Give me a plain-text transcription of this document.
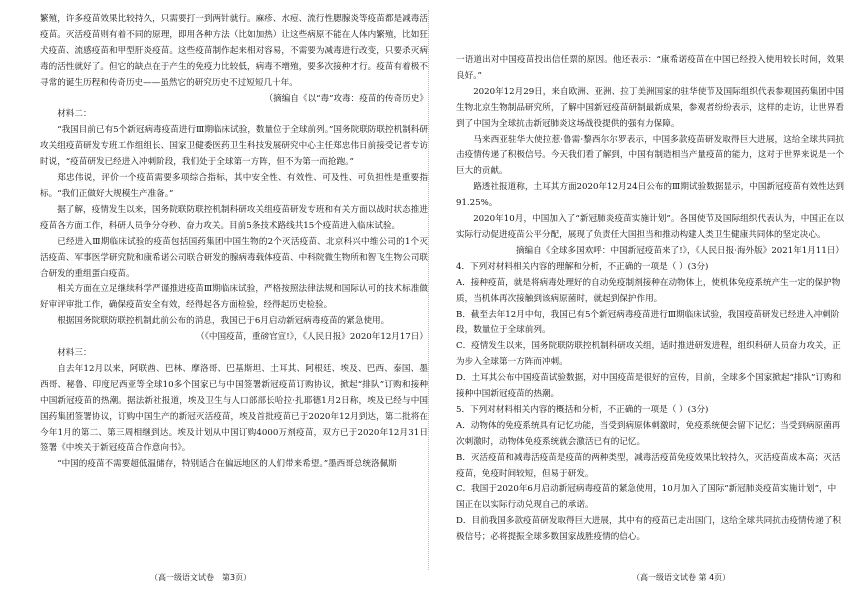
繁殖，许多疫苗效果比较持久，只需要打一到两针就行。麻疹、水痘、流行性腮腺炎等疫苗都是减毒活疫苗。灭活疫苗则有着不同的原理，即用各种方法（比如加热）让这些病原不能在人体内繁殖，比如狂犬疫苗、流感疫苗和甲型肝炎疫苗。这些疫苗制作起来相对容易，不需要为减毒进行改变，只要杀灭病毒的活性就好了。但它的缺点在于产生的免疫力比较低，病毒不增殖，要多次接种才行。疫苗有着极不寻常的诞生历程和传奇历史——虽然它的研究历史不过短短几十年。

（摘编自《以“毒”攻毒：疫苗的传奇历史》

材料二：

“我国目前已有5个新冠病毒疫苗进行Ⅲ期临床试验，数量位于全球前列。”国务院联防联控机制科研攻关组疫苗研发专班工作组组长、国家卫健委医药卫生科技发展研究中心主任郑忠伟日前接受记者专访时说，“疫苗研发已经进入冲刺阶段，我们处于全球第一方阵，但不为第一而抢跑。”

郑忠伟说，评价一个疫苗需要多项综合指标，其中安全性、有效性、可及性、可负担性是重要指标。“我们正做好大规模生产准备。”

据了解，疫情发生以来，国务院联防联控机制科研攻关组疫苗研发专班和有关方面以战时状态推进疫苗各方面工作，科研人员争分夺秒、奋力攻关。目前5条技术路线共15个疫苗进入临床试验。

已经进入Ⅲ期临床试验的疫苗包括国药集团中国生物的2个灭活疫苗、北京科兴中维公司的1个灭活疫苗、军事医学研究院和康希诺公司联合研发的腺病毒载体疫苗、中科院微生物所和智飞生物公司联合研发的重组蛋白疫苗。

相关方面在立足继续科学严谨推进疫苗Ⅲ期临床试验，严格按照法律法规和国际认可的技术标准做好审评审批工作，确保疫苗安全有效，经得起各方面检验，经得起历史检验。

根据国务院联防联控机制此前公布的消息，我国已于6月启动新冠病毒疫苗的紧急使用。

（《中国疫苗，重磅官宣!》，《人民日报》2020年12月17日）

材料三：

自去年12月以来，阿联酋、巴林、摩洛哥、巴基斯坦、土耳其、阿根廷、埃及、巴西、泰国、墨西哥、秘鲁、印度尼西亚等全球10多个国家已与中国签署新冠疫苗订购协议，掀起“排队”订购和接种中国新冠疫苗的热潮。据法新社报道，埃及卫生与人口部部长哈拉·扎耶德1月2日称，埃及已经与中国国药集团签署协议，订购中国生产的新冠灭活疫苗，埃及首批疫苗已于2020年12月到达，第二批将在今年1月的第二、第三周相继到达。埃及计划从中国订购4000万剂疫苗，双方已于2020年12月31日签署《中埃关于新冠疫苗合作意向书》。

“中国的疫苗不需要超低温储存，特别适合在偏远地区的人们带来希望。”墨西哥总统洛佩斯

一语道出对中国疫苗投出信任票的原因。他还表示：“康希诺疫苗在中国已经投入使用较长时间，效果良好。”

2020年12月29日，来自欧洲、亚洲、拉丁美洲国家的驻华使节及国际组织代表参观国药集团中国生物北京生物制品研究所，了解中国新冠疫苗研制最新成果，参观者纷纷表示，这样的走访，让世界看到了中国为全球抗击新冠肺炎这场战役提供的强有力保障。

马来西亚驻华大使拉惹·鲁需·黎西尔尔罗表示，中国多款疫苗研发取得巨大进展，这给全球共同抗击疫情传递了积极信号。今天我们看了解到，中国有制造相当产量疫苗的能力，这对于世界来说是一个巨大的贡献。

路透社报道称，土耳其方面2020年12月24日公布的Ⅲ期试验数据显示，中国新冠疫苗有效性达到91.25%。

2020年10月，中国加入了“新冠肺炎疫苗实施计划”。各国使节及国际组织代表认为，中国正在以实际行动促进疫苗公平分配，展现了负责任大国担当和推动构建人类卫生健康共同体的坚定决心。

摘编自《全球多国欢呼：中国新冠疫苗来了!》，《人民日报·海外版》2021年1月11日）

4．下列对材料相关内容的理解和分析，不正确的一项是（ ）(3分)

A．接种疫苗，就是将病毒处理好的自动免疫制剂接种在动物体上，使机体免疫系统产生一定的保护物质，当机体再次接触到该病原菌时，就起到保护作用。

B．截至去年12月中旬，我国已有5个新冠病毒疫苗进行Ⅲ期临床试验，我国疫苗研发已经进入冲刺阶段，数量位于全球前列。

C．疫情发生以来，国务院联防联控机制科研攻关组，适时推进研发进程，组织科研人员奋力攻关，正为步入全球第一方阵而冲刺。

D．土耳其公布中国疫苗试验数据，对中国疫苗是很好的宣传，目前，全球多个国家掀起“排队”订购和接种中国新冠疫苗的热潮。

5．下列对材料相关内容的概括和分析，不正确的一项是（ ）(3分)

A．动物体的免疫系统具有记忆功能，当受到病原体刺激时，免疫系统便会留下记忆；当受到病原菌再次刺激时，动物体免疫系统就会激活已有的记忆。

B．灭活疫苗和减毒活疫苗是疫苗的两种类型，减毒活疫苗免疫效果比较持久，灭活疫苗成本高；灭活疫苗，免疫时间较短，但易于研发。

C．我国于2020年6月启动新冠病毒疫苗的紧急使用，10月加入了国际“新冠肺炎疫苗实施计划”，中国正在以实际行动兑现自己的承诺。

D．目前我国多款疫苗研发取得巨大进展，其中有的疫苗已走出国门，这给全球共同抗击疫情传递了积极信号；必将提振全球多数国家战胜疫情的信心。

（高一级语文试卷　第3页）	（高一级语文试卷 第 4页）
